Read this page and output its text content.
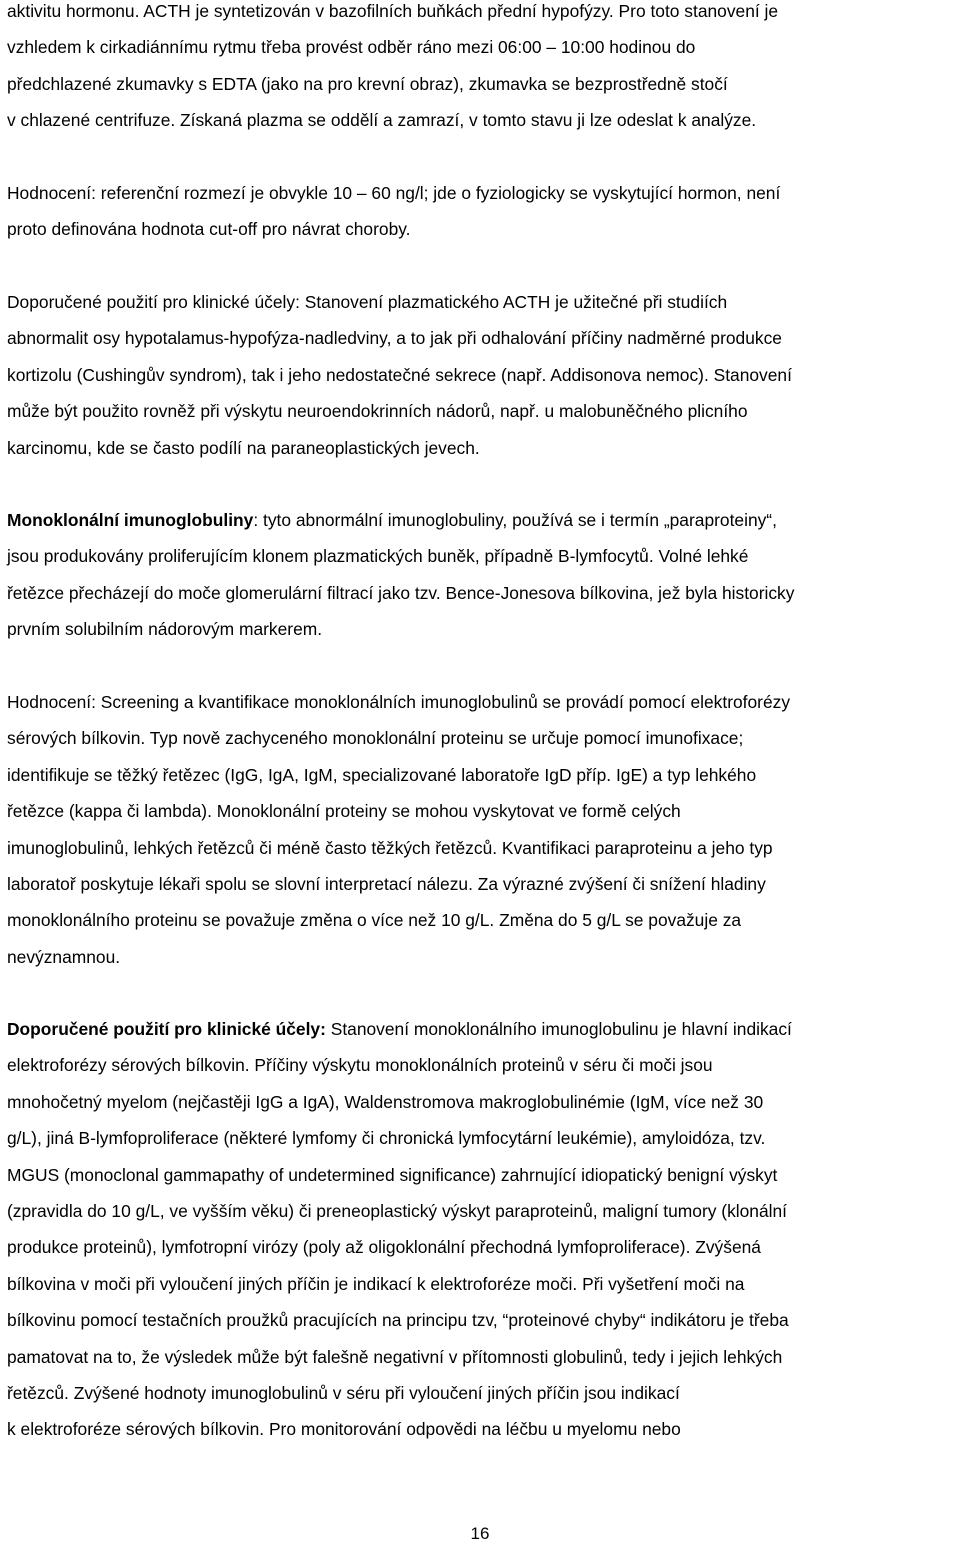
aktivitu hormonu. ACTH je syntetizován v bazofilních buňkách přední hypofýzy. Pro toto stanovení je
vzhledem k cirkadiánnímu rytmu třeba provést odběr ráno mezi 06:00 – 10:00 hodinou do
předchlazené zkumavky s EDTA (jako na pro krevní obraz), zkumavka se bezprostředně stočí
v chlazené centrifuze. Získaná plazma se oddělí a zamrazí, v tomto stavu ji lze odeslat k analýze.
Hodnocení: referenční rozmezí je obvykle 10 – 60 ng/l; jde o fyziologicky se vyskytující hormon, není
proto definována hodnota cut-off pro návrat choroby.
Doporučené použití pro klinické účely: Stanovení plazmatického ACTH je užitečné při studiích
abnormalit osy hypotalamus-hypofýza-nadledviny, a to jak při odhalování příčiny nadměrné produkce
kortizolu (Cushingův syndrom), tak i jeho nedostatečné sekrece (např. Addisonova nemoc). Stanovení
může být použito rovněž při výskytu neuroendokrinních nádorů, např. u malobuněčného plicního
karcinomu, kde se často podílí na paraneoplastických jevech.
Monoklonální imunoglobuliny: tyto abnormální imunoglobuliny, používá se i termín „paraproteiny“,
jsou produkovány proliferujícím klonem plazmatických buněk, případně B-lymfocytů. Volné lehké
řetězce přecházejí do moče glomerulární filtrací jako tzv. Bence-Jonesova bílkovina, jež byla historicky
prvním solubilním nádorovým markerem.
Hodnocení: Screening a kvantifikace monoklonálních imunoglobulinů se provádí pomocí elektroforézy
sérových bílkovin. Typ nově zachyceného monoklonální proteinu se určuje pomocí imunofixace;
identifikuje se těžký řetězec (IgG, IgA, IgM, specializované laboratoře IgD příp. IgE) a typ lehkého
řetězce (kappa či lambda). Monoklonální proteiny se mohou vyskytovat ve formě celých
imunoglobulinů, lehkých řetězců či méně často těžkých řetězců. Kvantifikaci paraproteinu a jeho typ
laboratoř poskytuje lékaři spolu se slovní interpretací nálezu. Za výrazné zvýšení či snížení hladiny
monoklonálního proteinu se považuje změna o více než 10 g/L. Změna do 5 g/L se považuje za
nevýznamnou.
Doporučené použití pro klinické účely: Stanovení monoklonálního imunoglobulinu je hlavní indikací
elektroforézy sérových bílkovin. Příčiny výskytu monoklonálních proteinů v séru či moči jsou
mnohočetný myelom (nejčastěji IgG a IgA), Waldenstromova makroglobulinémie (IgM, více než 30
g/L), jiná B-lymfoproliferace (některé lymfomy či chronická lymfocytární leukémie), amyloidóza, tzv.
MGUS (monoclonal gammapathy of undetermined significance) zahrnující idiopatický benigní výskyt
(zpravidla do 10 g/L, ve vyšším věku) či preneoplastický výskyt paraproteinů, maligní tumory (klonální
produkce proteinů), lymfotropní virózy (poly až oligoklonální přechodná lymfoproliferace). Zvýšená
bílkovina v moči při vyloučení jiných příčin je indikací k elektroforéze moči. Při vyšetření moči na
bílkovinu pomocí testačních proužků pracujících na principu tzv, “proteinové chyby“ indikátoru je třeba
pamatovat na to, že výsledek může být falešně negativní v přítomnosti globulinů, tedy i jejich lehkých
řetězců. Zvýšené hodnoty imunoglobulinů v séru při vyloučení jiných příčin jsou indikací
k elektroforéze sérových bílkovin. Pro monitorování odpovědi na léčbu u myelomu nebo
16
